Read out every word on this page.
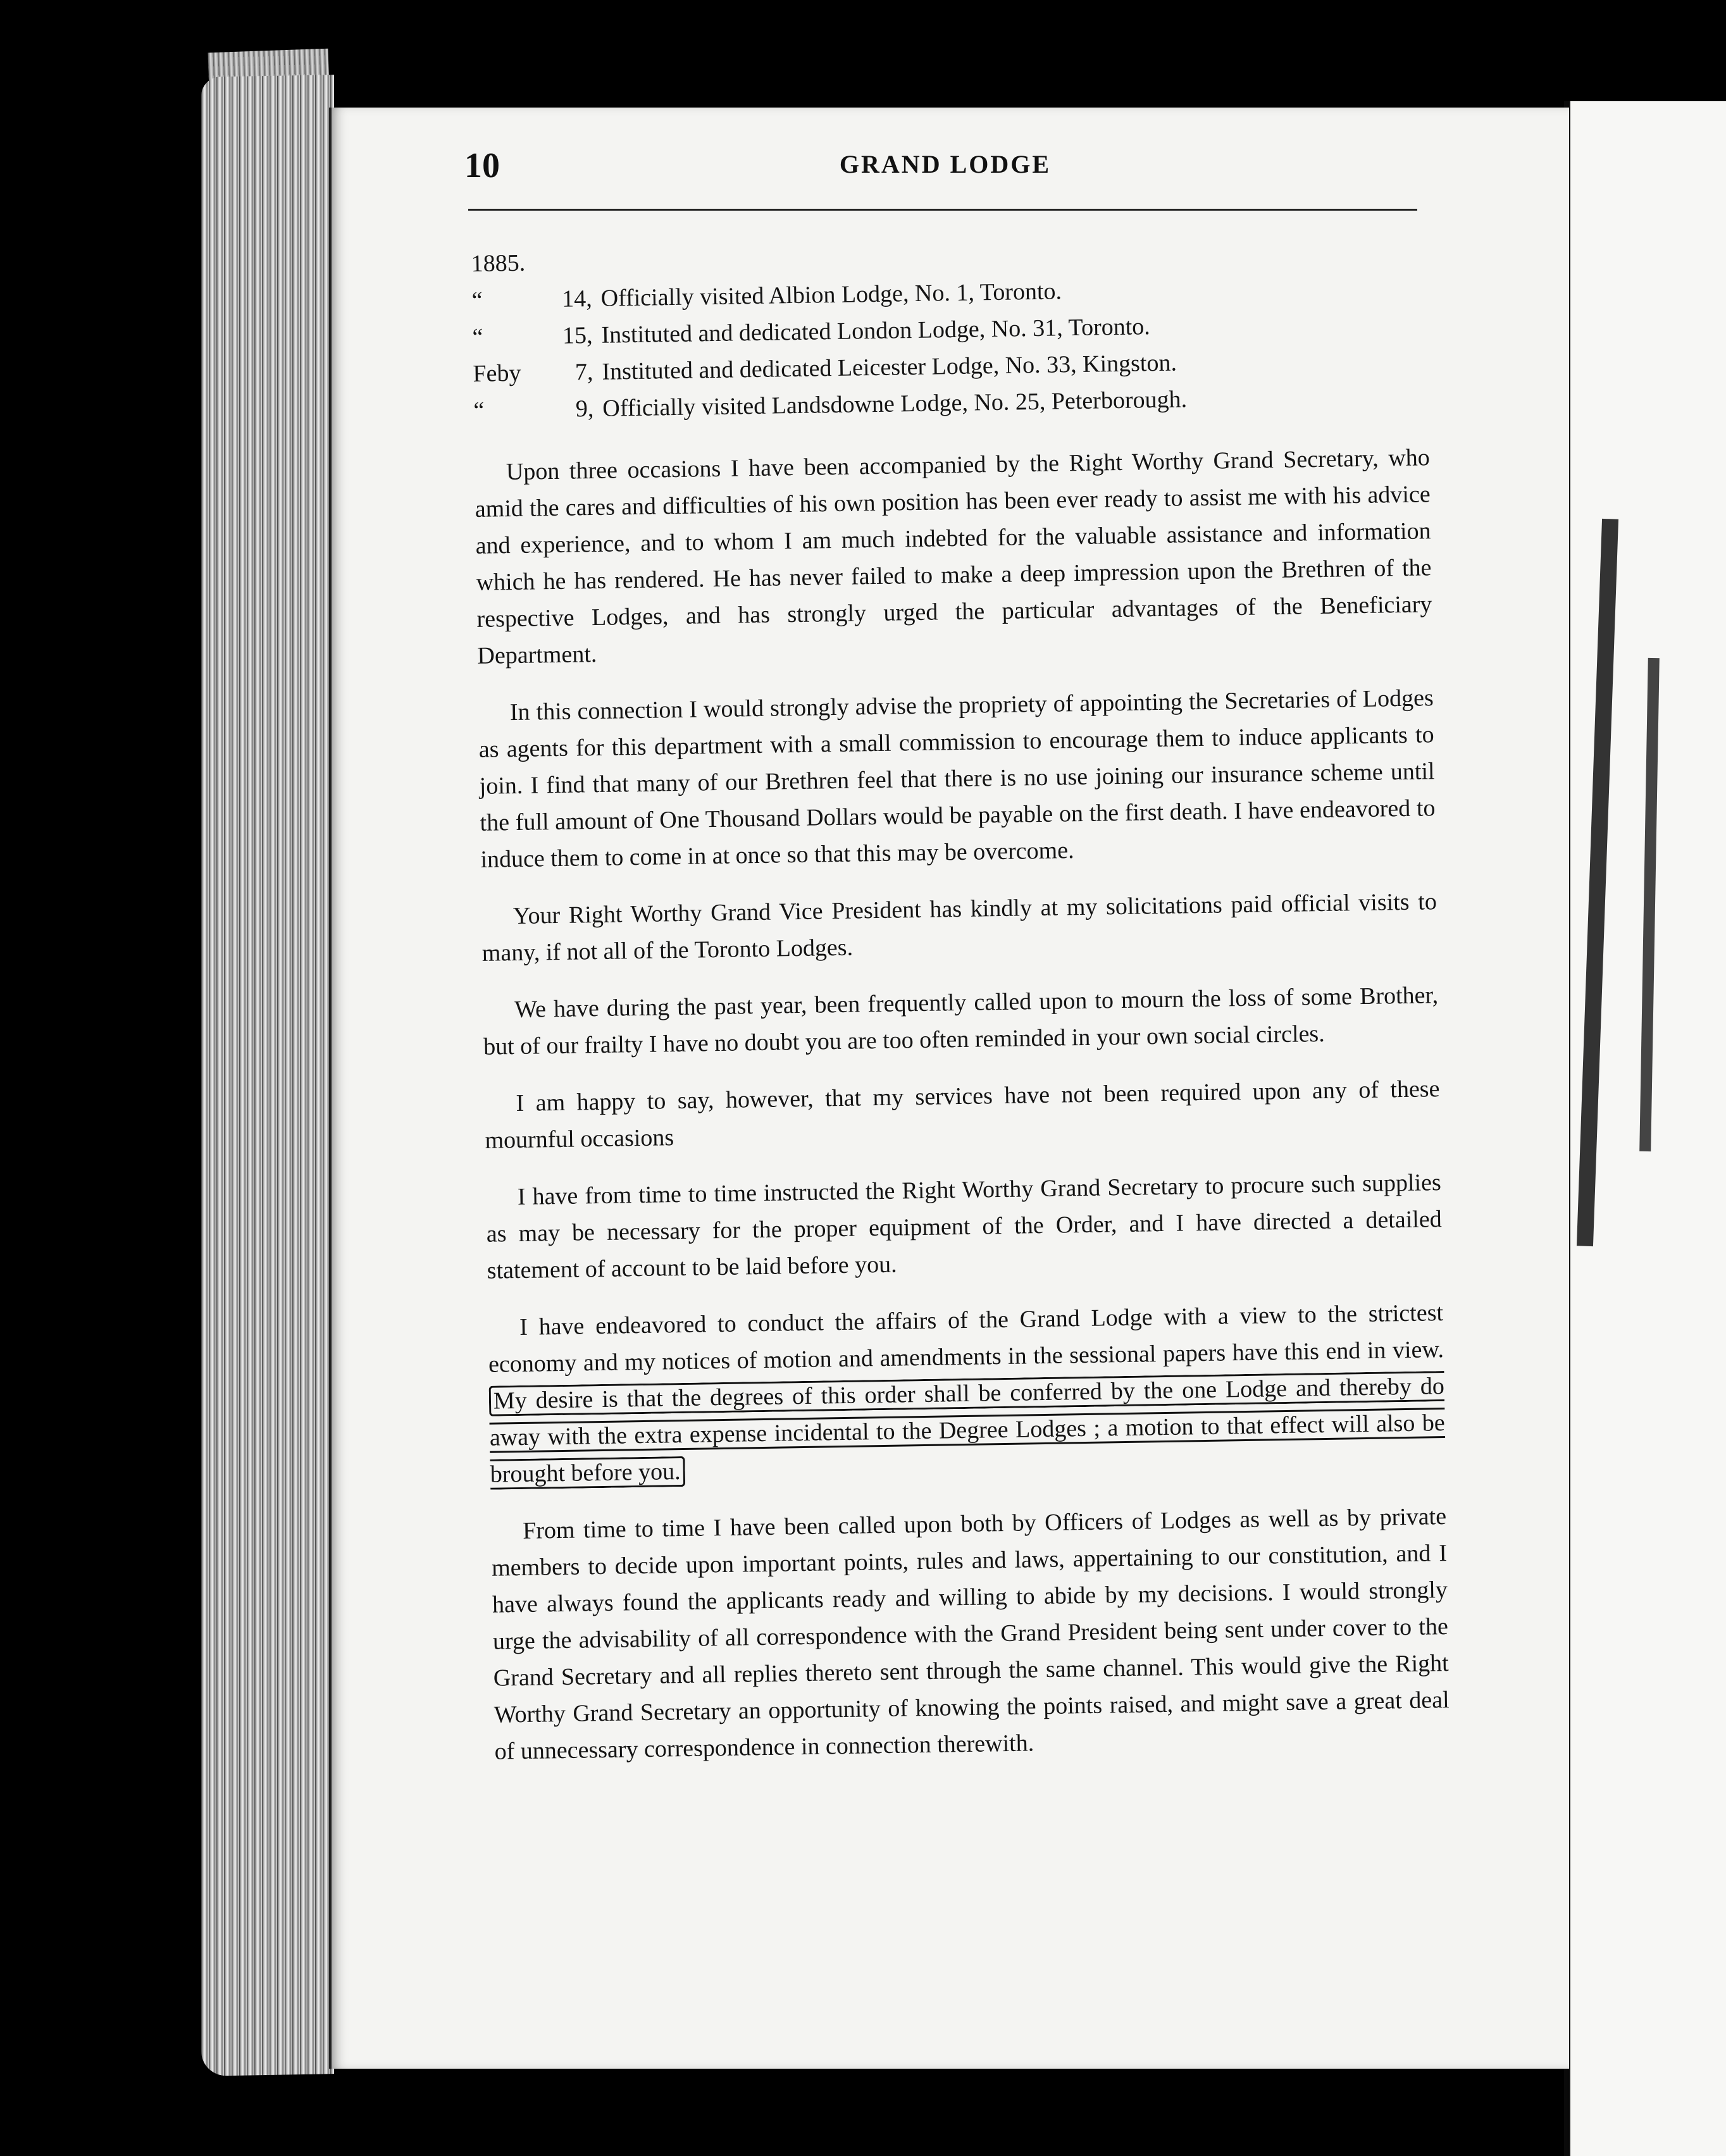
10	GRAND LODGE
1885.
“	14, Officially visited Albion Lodge, No. 1, Toronto.
“	15, Instituted and dedicated London Lodge, No. 31, Toronto.
Feby	7, Instituted and dedicated Leicester Lodge, No. 33, Kingston.
“	9, Officially visited Landsdowne Lodge, No. 25, Peterborough.

Upon three occasions I have been accompanied by the Right Worthy Grand Secretary, who amid the cares and difficulties of his own position has been ever ready to assist me with his advice and experience, and to whom I am much indebted for the valuable assistance and information which he has rendered. He has never failed to make a deep impression upon the Brethren of the respective Lodges, and has strongly urged the particular advantages of the Beneficiary Department.

In this connection I would strongly advise the propriety of appointing the Secretaries of Lodges as agents for this department with a small commission to encourage them to induce applicants to join. I find that many of our Brethren feel that there is no use joining our insurance scheme until the full amount of One Thousand Dollars would be payable on the first death. I have endeavored to induce them to come in at once so that this may be overcome.

Your Right Worthy Grand Vice President has kindly at my solicitations paid official visits to many, if not all of the Toronto Lodges.

We have during the past year, been frequently called upon to mourn the loss of some Brother, but of our frailty I have no doubt you are too often reminded in your own social circles.

I am happy to say, however, that my services have not been required upon any of these mournful occasions

I have from time to time instructed the Right Worthy Grand Secretary to procure such supplies as may be necessary for the proper equipment of the Order, and I have directed a detailed statement of account to be laid before you.

I have endeavored to conduct the affairs of the Grand Lodge with a view to the strictest economy and my notices of motion and amendments in the sessional papers have this end in view. My desire is that the degrees of this order shall be conferred by the one Lodge and thereby do away with the extra expense incidental to the Degree Lodges ; a motion to that effect will also be brought before you.

From time to time I have been called upon both by Officers of Lodges as well as by private members to decide upon important points, rules and laws, appertaining to our constitution, and I have always found the applicants ready and willing to abide by my decisions. I would strongly urge the advisability of all correspondence with the Grand President being sent under cover to the Grand Secretary and all replies thereto sent through the same channel. This would give the Right Worthy Grand Secretary an opportunity of knowing the points raised, and might save a great deal of unnecessary correspondence in connection therewith.
